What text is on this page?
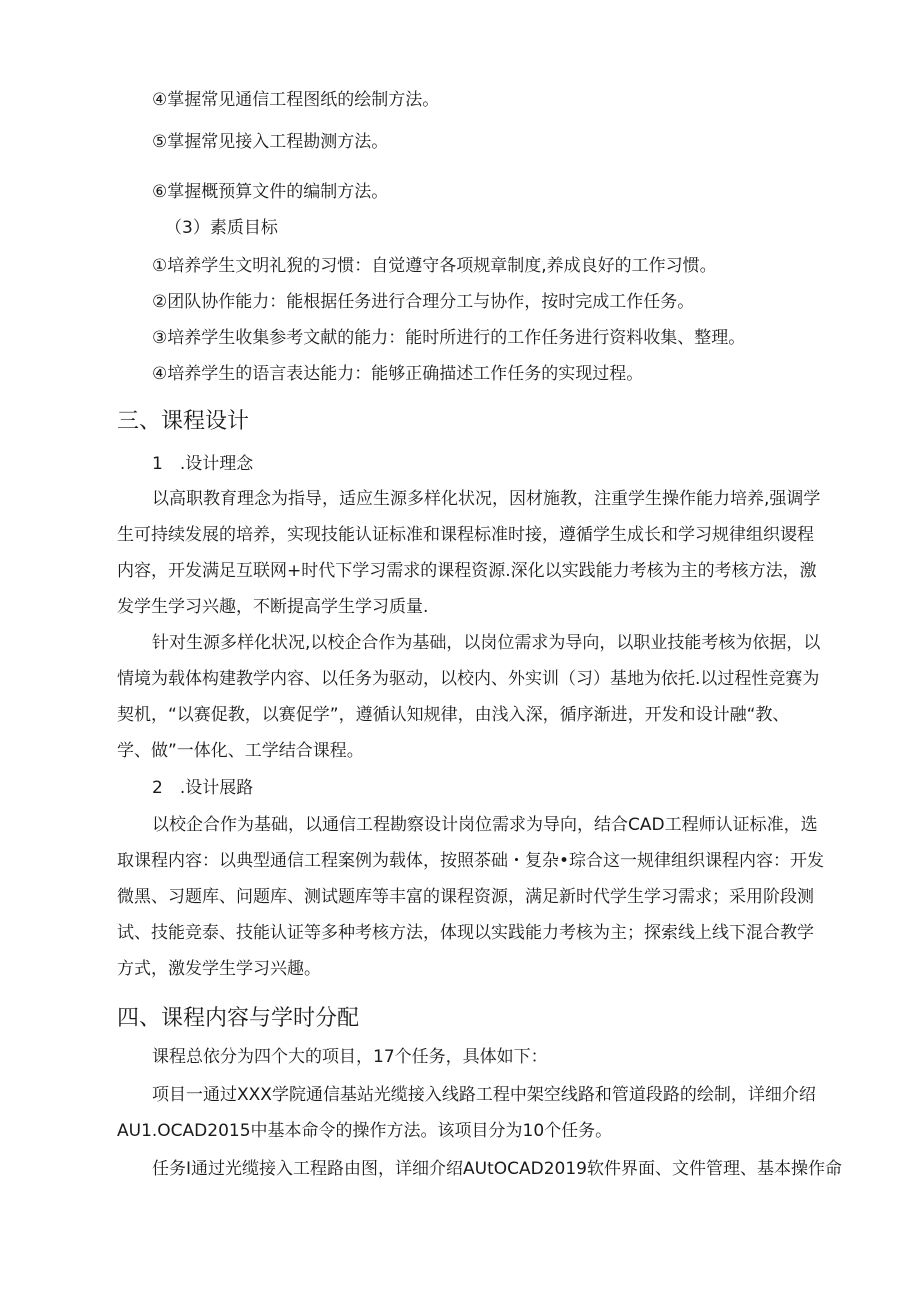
④掌握常见通信工程图纸的绘制方法。
⑤掌握常见接入工程勘测方法。
⑥掌握概预算文件的编制方法。
（3）素质目标
①培养学生文明礼猊的习惯：自觉遵守各项规章制度,养成良好的工作习惯。
②团队协作能力：能根据任务进行合理分工与协作，按时完成工作任务。
③培养学生收集参考文献的能力：能时所进行的工作任务进行资料收集、整理。
④培养学生的语言表达能力：能够正确描述工作任务的实现过程。
三、课程设计
1　.设计理念
以高职教育理念为指导，适应生源多样化状况，因材施教，注重学生操作能力培养,强调学
生可持续发展的培养，实现技能认证标准和课程标准时接，遵循学生成长和学习规律组织谡程
内容，开发满足互联网+时代下学习需求的课程资源.深化以实践能力考核为主的考核方法，激
发学生学习兴趣，不断提高学生学习质量.
针对生源多样化状况,以校企合作为基础，以岗位需求为导向，以职业技能考核为依据，以
情境为载体构建教学内容、以任务为驱动，以校内、外实训（习）基地为依托.以过程性竞赛为
契机，“以赛促教，以赛促学”，遵循认知规律，由浅入深，循序渐进，开发和设计融“教、
学、做”一体化、工学结合课程。
2　.设计展路
以校企合作为基础，以通信工程勘察设计岗位需求为导向，结合CAD工程师认证标准，选
取课程内容：以典型通信工程案例为载体，按照茶础・复杂•琮合这一规律组织课程内容：开发
微黑、习题库、问题库、测试题库等丰富的课程资源，满足新时代学生学习需求；采用阶段测
试、技能竞泰、技能认证等多种考核方法，体现以实践能力考核为主；探索线上线下混合教学
方式，激发学生学习兴趣。
四、课程内容与学时分配
课程总依分为四个大的项目，17个任务，具体如下：
项目一通过XXX学院通信基站光缆接入线路工程中架空线路和管道段路的绘制，详细介绍
AU1.OCAD2015中基本命令的操作方法。该项目分为10个任务。
任务I通过光缆接入工程路由图，详细介绍AUtOCAD2019软件界面、文件管理、基本操作命
